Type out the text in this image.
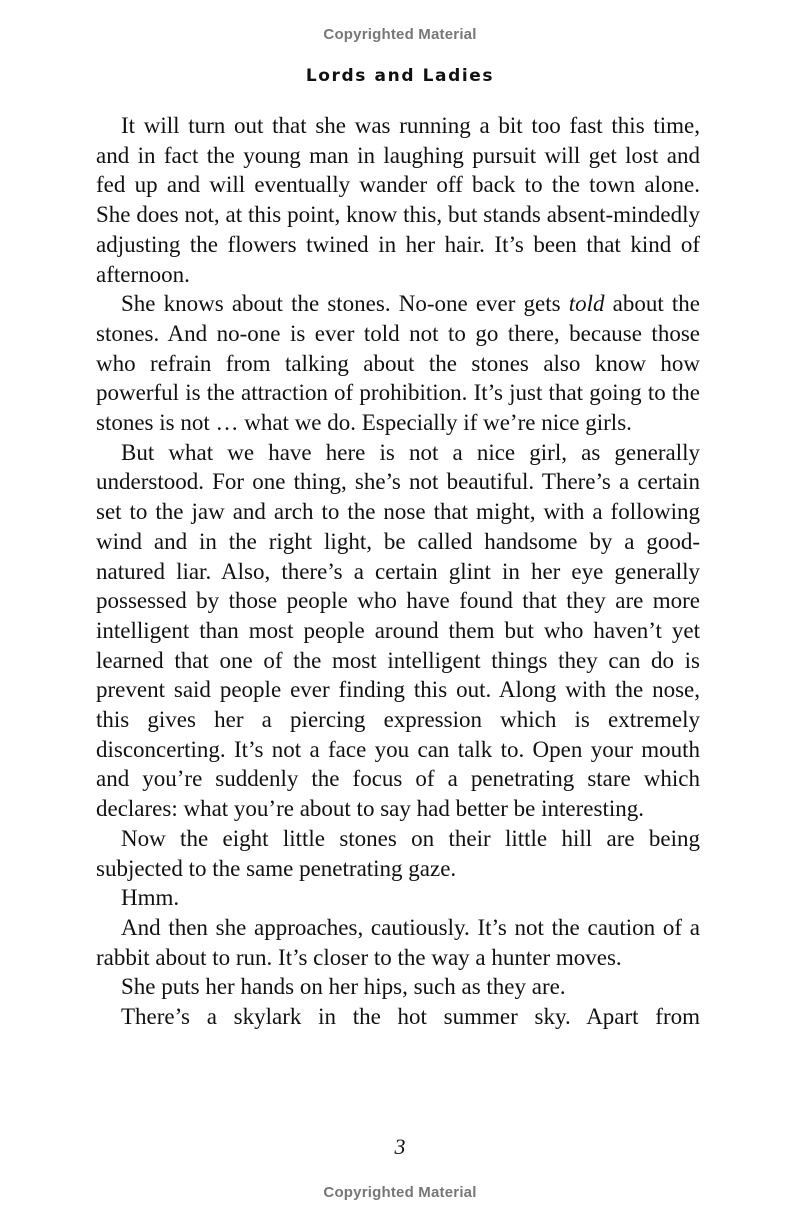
Copyrighted Material
Lords and Ladies

It will turn out that she was running a bit too fast this time, and in fact the young man in laughing pursuit will get lost and fed up and will eventually wander off back to the town alone. She does not, at this point, know this, but stands absent-mindedly adjusting the flowers twined in her hair. It’s been that kind of afternoon.

She knows about the stones. No-one ever gets told about the stones. And no-one is ever told not to go there, because those who refrain from talking about the stones also know how powerful is the attraction of prohibition. It’s just that going to the stones is not … what we do. Especially if we’re nice girls.

But what we have here is not a nice girl, as generally understood. For one thing, she’s not beautiful. There’s a certain set to the jaw and arch to the nose that might, with a following wind and in the right light, be called handsome by a good-natured liar. Also, there’s a certain glint in her eye generally possessed by those people who have found that they are more intelligent than most people around them but who haven’t yet learned that one of the most intelligent things they can do is prevent said people ever finding this out. Along with the nose, this gives her a piercing expression which is extremely disconcerting. It’s not a face you can talk to. Open your mouth and you’re suddenly the focus of a penetrating stare which declares: what you’re about to say had better be interesting.

Now the eight little stones on their little hill are being subjected to the same penetrating gaze.

Hmm.

And then she approaches, cautiously. It’s not the caution of a rabbit about to run. It’s closer to the way a hunter moves.

She puts her hands on her hips, such as they are.

There’s a skylark in the hot summer sky. Apart from

3
Copyrighted Material
